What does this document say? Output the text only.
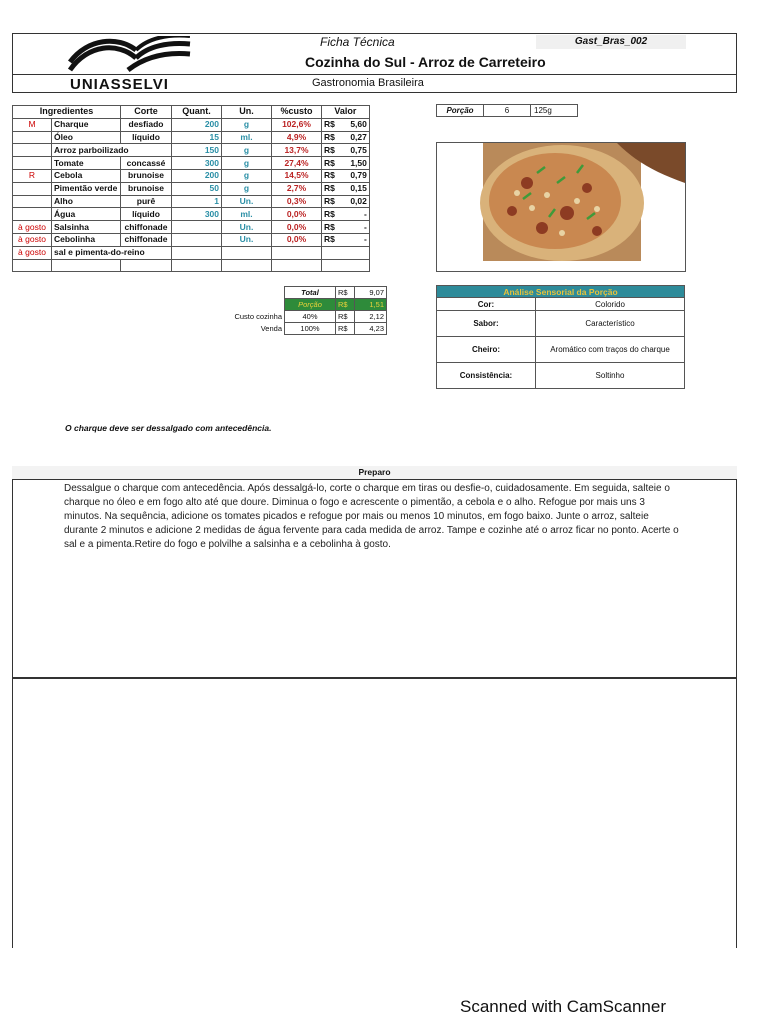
UNIASSELVI
Ficha Técnica	Gast_Bras_002
Cozinha do Sul - Arroz de Carreteiro
Gastronomia Brasileira
Ingredientes		Corte	Quant.	Un.	%custo	Valor	
M	Charque	desfiado	200	g	102,6%	R$	5,60
	Óleo	líquido	15	ml.	4,9%	R$	0,27
	Arroz parboilizado		150	g	13,7%	R$	0,75
	Tomate	concassé	300	g	27,4%	R$	1,50
R	Cebola	brunoise	200	g	14,5%	R$	0,79
	Pimentão verde	brunoise	50	g	2,7%	R$	0,15
	Alho	purê	1	Un.	0,3%	R$	0,02
	Água	líquido	300	ml.	0,0%	R$	-
à gosto	Salsinha	chiffonade		Un.	0,0%	R$	-
à gosto	Cebolinha	chiffonade		Un.	0,0%	R$	-
à gosto	sal e pimenta-do-reino						

	Total	R$	9,07
	Porção	R$	1,51
Custo cozinha	40%	R$	2,12
Venda	100%	R$	4,23
Porção	6	125g
Análise Sensorial da Porção	
Cor:	Colorido
Sabor:	Característico
Cheiro:	Aromático com traços do charque
Consistência:	Soltinho
O charque deve ser dessalgado com antecedência.
Preparo
Dessalgue o charque com antecedência. Após dessalgá-lo, corte o charque em tiras ou desfie-o, cuidadosamente. Em seguida, salteie o charque no óleo e em fogo alto até que doure. Diminua o fogo e acrescente o pimentão, a cebola e o alho. Refogue por mais uns 3 minutos. Na sequência, adicione os tomates picados e refogue por mais ou menos 10 minutos, em fogo baixo. Junte o arroz, salteie durante 2 minutos e adicione 2 medidas de água fervente para cada medida de arroz. Tampe e cozinhe até o arroz ficar no ponto. Acerte o sal e a pimenta.Retire do fogo e polvilhe a salsinha e a cebolinha à gosto.
Scanned with CamScanner
